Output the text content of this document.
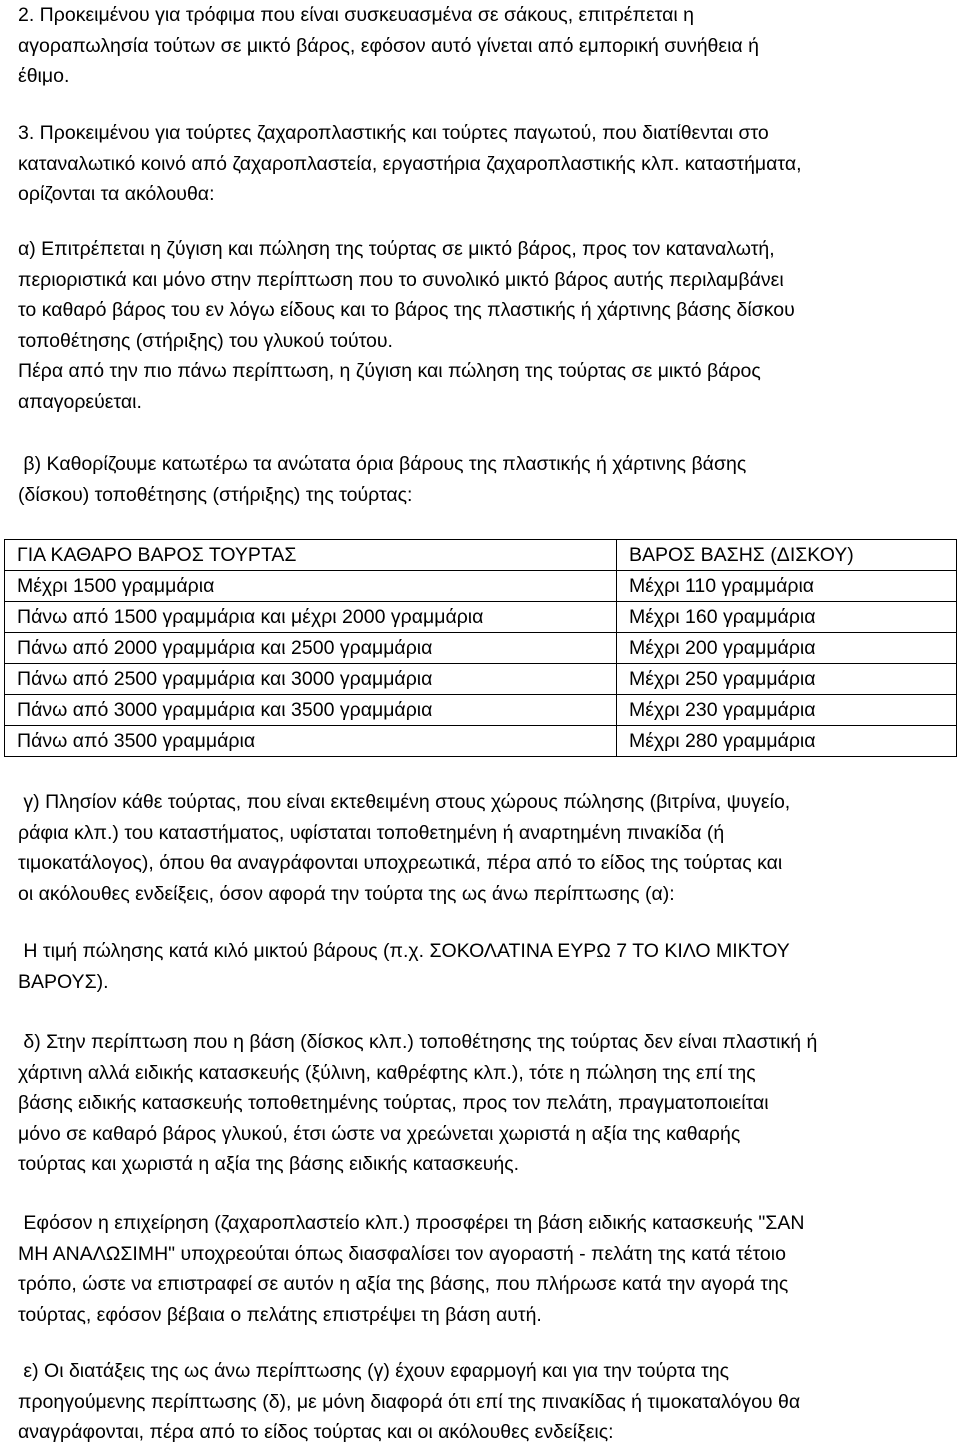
2. Προκειμένου για τρόφιμα που είναι συσκευασμένα σε σάκους, επιτρέπεται η
αγοραπωλησία τούτων σε μικτό βάρος, εφόσον αυτό γίνεται από εμπορική συνήθεια ή
έθιμο.
3. Προκειμένου για τούρτες ζαχαροπλαστικής και τούρτες παγωτού, που διατίθενται στο
καταναλωτικό κοινό από ζαχαροπλαστεία, εργαστήρια ζαχαροπλαστικής κλπ. καταστήματα,
ορίζονται τα ακόλουθα:
α) Επιτρέπεται η ζύγιση και πώληση της τούρτας σε μικτό βάρος, προς τον καταναλωτή,
περιοριστικά και μόνο στην περίπτωση που το συνολικό μικτό βάρος αυτής περιλαμβάνει
το καθαρό βάρος του εν λόγω είδους και το βάρος της πλαστικής ή χάρτινης βάσης δίσκου
τοποθέτησης (στήριξης) του γλυκού τούτου.
Πέρα από την πιο πάνω περίπτωση, η ζύγιση και πώληση της τούρτας σε μικτό βάρος
απαγορεύεται.
β) Καθορίζουμε κατωτέρω τα ανώτατα όρια βάρους της πλαστικής ή χάρτινης βάσης
(δίσκου) τοποθέτησης (στήριξης) της τούρτας:
ΓΙΑ ΚΑΘΑΡΟ ΒΑΡΟΣ ΤΟΥΡΤΑΣ	ΒΑΡΟΣ ΒΑΣΗΣ (ΔΙΣΚΟΥ)
Μέχρι 1500 γραμμάρια	Μέχρι 110 γραμμάρια
Πάνω από 1500 γραμμάρια και μέχρι 2000 γραμμάρια	Μέχρι 160 γραμμάρια
Πάνω από 2000 γραμμάρια και 2500 γραμμάρια	Μέχρι 200 γραμμάρια
Πάνω από 2500 γραμμάρια και 3000 γραμμάρια	Μέχρι 250 γραμμάρια
Πάνω από 3000 γραμμάρια και 3500 γραμμάρια	Μέχρι 230 γραμμάρια
Πάνω από 3500 γραμμάρια	Μέχρι 280 γραμμάρια
γ) Πλησίον κάθε τούρτας, που είναι εκτεθειμένη στους χώρους πώλησης (βιτρίνα, ψυγείο,
ράφια κλπ.) του καταστήματος, υφίσταται τοποθετημένη ή αναρτημένη πινακίδα (ή
τιμοκατάλογος), όπου θα αναγράφονται υποχρεωτικά, πέρα από το είδος της τούρτας και
οι ακόλουθες ενδείξεις, όσον αφορά την τούρτα της ως άνω περίπτωσης (α):
Η τιμή πώλησης κατά κιλό μικτού βάρους (π.χ. ΣΟΚΟΛΑΤΙΝΑ ΕΥΡΩ 7 ΤΟ ΚΙΛΟ ΜΙΚΤΟΥ
ΒΑΡΟΥΣ).
δ) Στην περίπτωση που η βάση (δίσκος κλπ.) τοποθέτησης της τούρτας δεν είναι πλαστική ή
χάρτινη αλλά ειδικής κατασκευής (ξύλινη, καθρέφτης κλπ.), τότε η πώληση της επί της
βάσης ειδικής κατασκευής τοποθετημένης τούρτας, προς τον πελάτη, πραγματοποιείται
μόνο σε καθαρό βάρος γλυκού, έτσι ώστε να χρεώνεται χωριστά η αξία της καθαρής
τούρτας και χωριστά η αξία της βάσης ειδικής κατασκευής.
Εφόσον η επιχείρηση (ζαχαροπλαστείο κλπ.) προσφέρει τη βάση ειδικής κατασκευής "ΣΑΝ
ΜΗ ΑΝΑΛΩΣΙΜΗ" υποχρεούται όπως διασφαλίσει τον αγοραστή - πελάτη της κατά τέτοιο
τρόπο, ώστε να επιστραφεί σε αυτόν η αξία της βάσης, που πλήρωσε κατά την αγορά της
τούρτας, εφόσον βέβαια ο πελάτης επιστρέψει τη βάση αυτή.
ε) Οι διατάξεις της ως άνω περίπτωσης (γ) έχουν εφαρμογή και για την τούρτα της
προηγούμενης περίπτωσης (δ), με μόνη διαφορά ότι επί της πινακίδας ή τιμοκαταλόγου θα
αναγράφονται, πέρα από το είδος τούρτας και οι ακόλουθες ενδείξεις:
